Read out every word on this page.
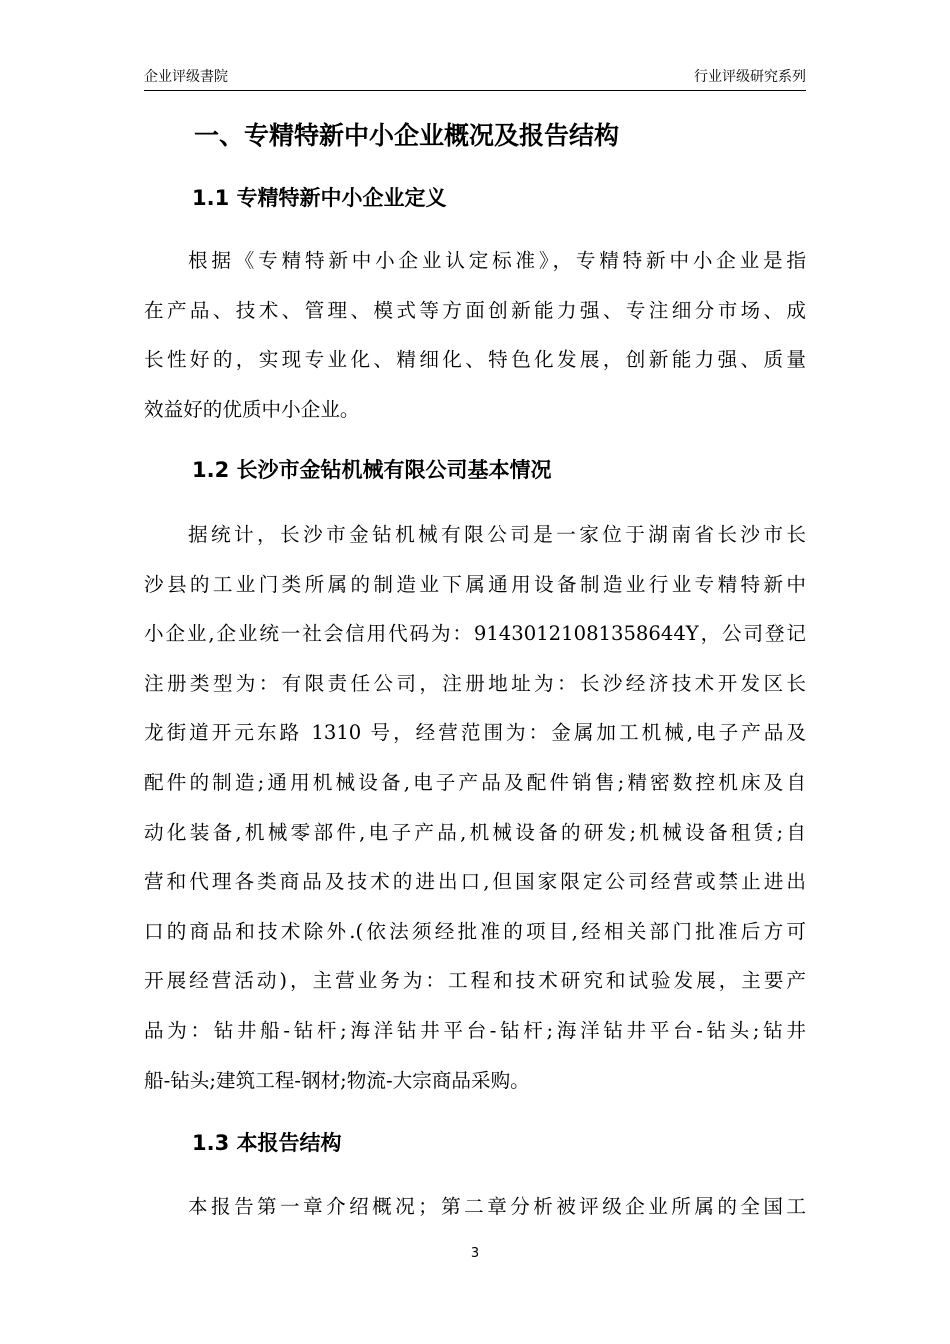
企业评级書院	行业评级研究系列
一、专精特新中小企业概况及报告结构
1.1 专精特新中小企业定义
根据《专精特新中小企业认定标准》，专精特新中小企业是指
在产品、技术、管理、模式等方面创新能力强、专注细分市场、成
长性好的，实现专业化、精细化、特色化发展，创新能力强、质量
效益好的优质中小企业。
1.2 长沙市金钻机械有限公司基本情况
据统计，长沙市金钻机械有限公司是一家位于湖南省长沙市长
沙县的工业门类所属的制造业下属通用设备制造业行业专精特新中
小企业,企业统一社会信用代码为：91430121081358644Y，公司登记
注册类型为：有限责任公司，注册地址为：长沙经济技术开发区长
龙街道开元东路 1310 号，经营范围为：金属加工机械,电子产品及
配件的制造;通用机械设备,电子产品及配件销售;精密数控机床及自
动化装备,机械零部件,电子产品,机械设备的研发;机械设备租赁;自
营和代理各类商品及技术的进出口,但国家限定公司经营或禁止进出
口的商品和技术除外.(依法须经批准的项目,经相关部门批准后方可
开展经营活动)，主营业务为：工程和技术研究和试验发展，主要产
品为：钻井船-钻杆;海洋钻井平台-钻杆;海洋钻井平台-钻头;钻井
船-钻头;建筑工程-钢材;物流-大宗商品采购。
1.3 本报告结构
本报告第一章介绍概况；第二章分析被评级企业所属的全国工
3
